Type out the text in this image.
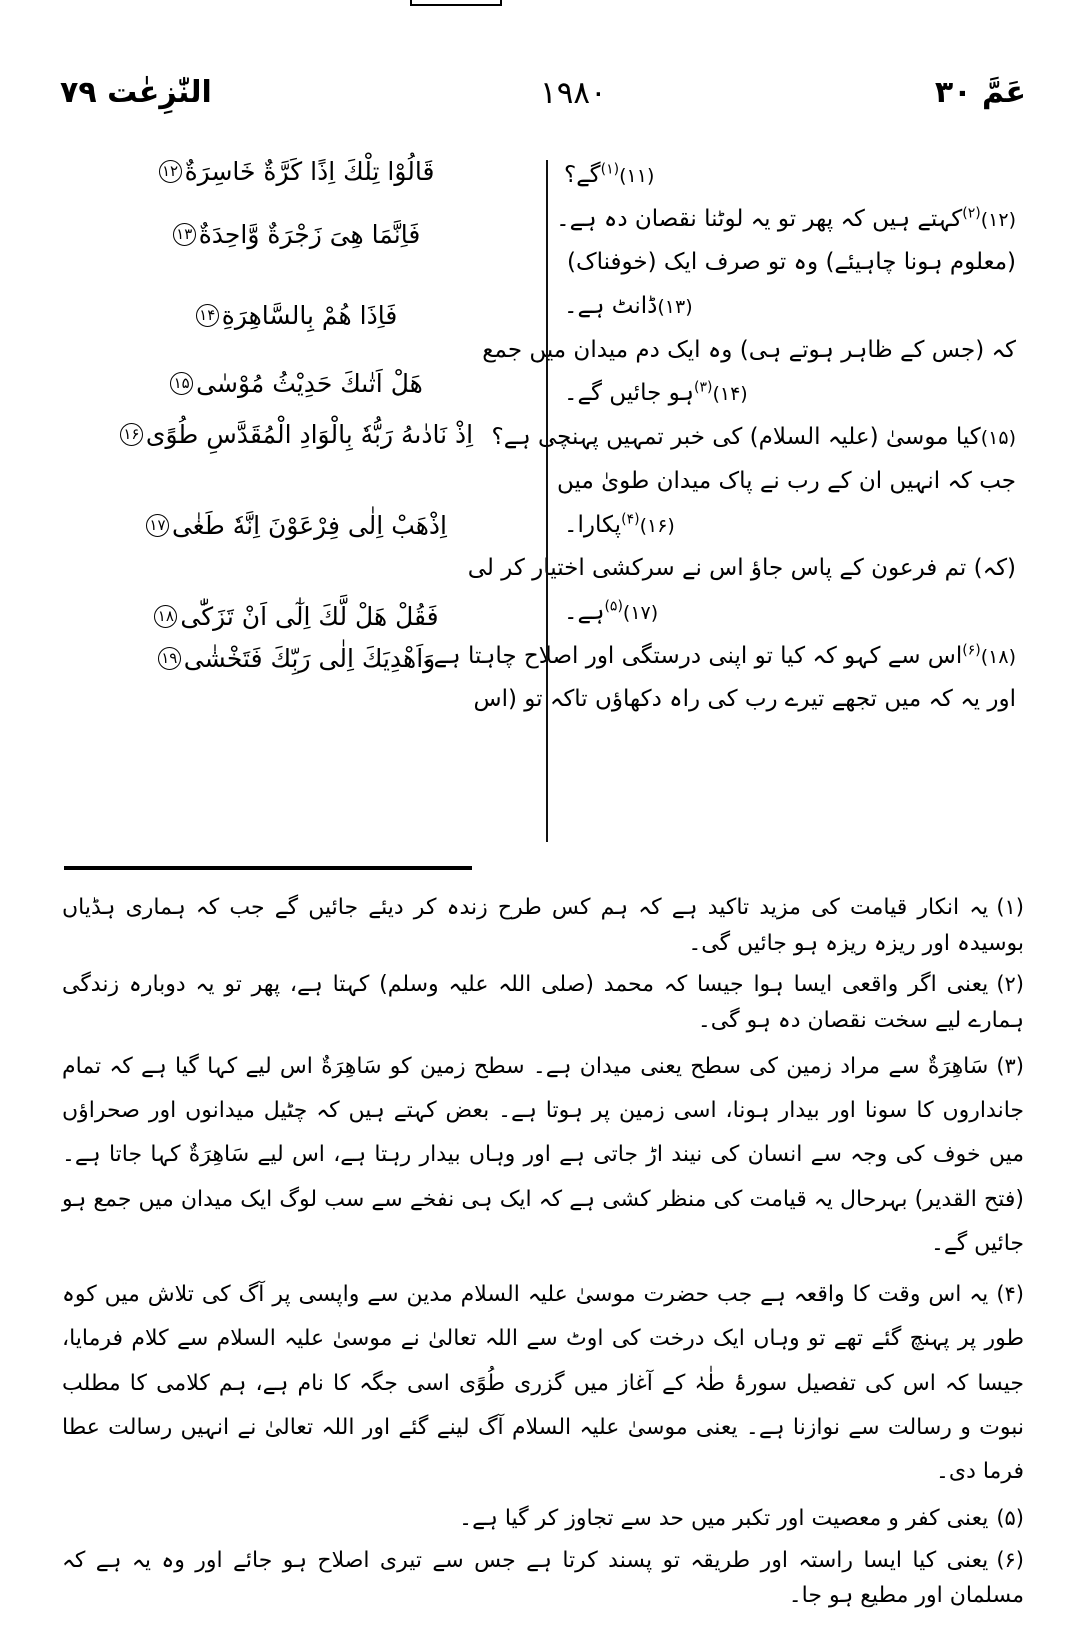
عَمَّ ۳۰
۱۹۸۰
النّٰزِعٰت ۷۹

قَالُوْا تِلْكَ اِذًا كَرَّةٌ خَاسِرَةٌ۱۲

فَاِنَّمَا هِىَ زَجْرَةٌ وَّاحِدَةٌ۱۳

فَاِذَا هُمْ بِالسَّاهِرَةِ۱۴

هَلْ اَتٰىكَ حَدِيْثُ مُوْسٰى۱۵

اِذْ نَادٰىهُ رَبُّهٗ بِالْوَادِ الْمُقَدَّسِ طُوًى۱۶

اِذْهَبْ اِلٰى فِرْعَوْنَ اِنَّهٗ طَغٰى۱۷

فَقُلْ هَلْ لَّكَ اِلٰٓى اَنْ تَزَكّٰى۱۸

وَاَهْدِيَكَ اِلٰى رَبِّكَ فَتَخْشٰى۱۹

(۱۱)$^{(۱)}$گے؟

(۱۲)$^{(۲)}$کہتے ہیں کہ پھر تو یہ لوٹنا نقصان دہ ہے۔

(معلوم ہونا چاہیئے) وہ تو صرف ایک (خوفناک)

(۱۳)ڈانٹ ہے۔

کہ (جس کے ظاہر ہوتے ہی) وہ ایک دم میدان میں جمع

(۱۴)$^{(۳)}$ہو جائیں گے۔

(۱۵)کیا موسیٰ (علیہ السلام) کی خبر تمہیں پہنچی ہے؟

جب کہ انہیں ان کے رب نے پاک میدان طویٰ میں

(۱۶)$^{(۴)}$پکارا۔

(کہ) تم فرعون کے پاس جاؤ اس نے سرکشی اختیار کر لی

(۱۷)$^{(۵)}$ہے۔

(۱۸)$^{(۶)}$اس سے کہو کہ کیا تو اپنی درستگی اور اصلاح چاہتا ہے۔

اور یہ کہ میں تجھے تیرے رب کی راہ دکھاؤں تاکہ تو (اس

(۱)یہ انکار قیامت کی مزید تاکید ہے کہ ہم کس طرح زندہ کر دیئے جائیں گے جب کہ ہماری ہڈیاں بوسیدہ اور ریزہ ریزہ ہو جائیں گی۔
(۲)یعنی اگر واقعی ایسا ہوا جیسا کہ محمد (صلی اللہ علیہ وسلم) کہتا ہے، پھر تو یہ دوبارہ زندگی ہمارے لیے سخت نقصان دہ ہو گی۔
(۳)سَاهِرَةٌ سے مراد زمین کی سطح یعنی میدان ہے۔ سطح زمین کو سَاهِرَةٌ اس لیے کہا گیا ہے کہ تمام جانداروں کا سونا اور بیدار ہونا، اسی زمین پر ہوتا ہے۔ بعض کہتے ہیں کہ چٹیل میدانوں اور صحراؤں میں خوف کی وجہ سے انسان کی نیند اڑ جاتی ہے اور وہاں بیدار رہتا ہے، اس لیے سَاهِرَةٌ کہا جاتا ہے۔ (فتح القدیر) بہرحال یہ قیامت کی منظر کشی ہے کہ ایک ہی نفخے سے سب لوگ ایک میدان میں جمع ہو جائیں گے۔
(۴)یہ اس وقت کا واقعہ ہے جب حضرت موسیٰ علیہ السلام مدین سے واپسی پر آگ کی تلاش میں کوہ طور پر پہنچ گئے تھے تو وہاں ایک درخت کی اوٹ سے اللہ تعالیٰ نے موسیٰ علیہ السلام سے کلام فرمایا، جیسا کہ اس کی تفصیل سورۂ طٰہٰ کے آغاز میں گزری طُوًى اسی جگہ کا نام ہے، ہم کلامی کا مطلب نبوت و رسالت سے نوازنا ہے۔ یعنی موسیٰ علیہ السلام آگ لینے گئے اور اللہ تعالیٰ نے انہیں رسالت عطا فرما دی۔
(۵)یعنی کفر و معصیت اور تکبر میں حد سے تجاوز کر گیا ہے۔
(۶)یعنی کیا ایسا راستہ اور طریقہ تو پسند کرتا ہے جس سے تیری اصلاح ہو جائے اور وہ یہ ہے کہ مسلمان اور مطیع ہو جا۔
